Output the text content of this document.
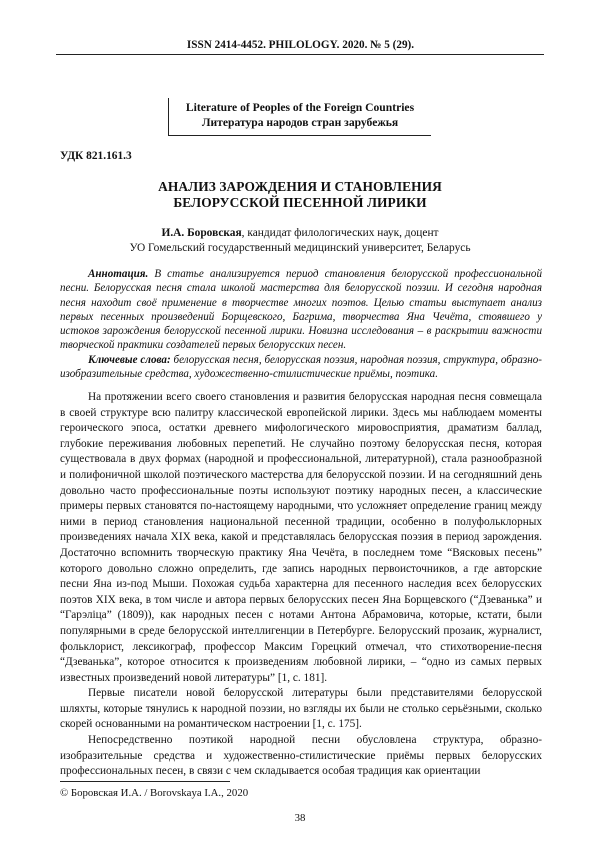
ISSN 2414-4452. PHILOLOGY. 2020. № 5 (29).
Literature of Peoples of the Foreign Countries
Литература народов стран зарубежья
УДК 821.161.3
АНАЛИЗ ЗАРОЖДЕНИЯ И СТАНОВЛЕНИЯ
БЕЛОРУССКОЙ ПЕСЕННОЙ ЛИРИКИ
И.А. Боровская, кандидат филологических наук, доцент
УО Гомельский государственный медицинский университет, Беларусь

Аннотация. В статье анализируется период становления белорусской профессиональной песни. Белорусская песня стала школой мастерства для белорусской поэзии. И сегодня народная песня находит своё применение в творчестве многих поэтов. Целью статьи выступает анализ первых песенных произведений Борщевского, Багрима, творчества Яна Чечёта, стоявшего у истоков зарождения белорусской песенной лирики. Новизна исследования – в раскрытии важности творческой практики создателей первых белорусских песен.

Ключевые слова: белорусская песня, белорусская поэзия, народная поэзия, структура, образно-изобразительные средства, художественно-стилистические приёмы, поэтика.

На протяжении всего своего становления и развития белорусская народная песня совмещала в своей структуре всю палитру классической европейской лирики. Здесь мы наблюдаем моменты героического эпоса, остатки древнего мифологического мировосприятия, драматизм баллад, глубокие переживания любовных перепетий. Не случайно поэтому белорусская песня, которая существовала в двух формах (народной и профессиональной, литературной), стала разнообразной и полифоничной школой поэтического мастерства для белорусской поэзии. И на сегодняшний день довольно часто профессиональные поэты используют поэтику народных песен, а классические примеры первых становятся по-настоящему народными, что усложняет определение границ между ними в период становления национальной песенной традиции, особенно в полуфольклорных произведениях начала XIX века, какой и представлялась белорусская поэзия в период зарождения. Достаточно вспомнить творческую практику Яна Чечёта, в последнем томе “Вясковых песень” которого довольно сложно определить, где запись народных первоисточников, а где авторские песни Яна из-под Мыши. Похожая судьба характерна для песенного наследия всех белорусских поэтов XIX века, в том числе и автора первых белорусских песен Яна Борщевского (“Дзеванька” и “Гарэліца” (1809)), как народных песен с нотами Антона Абрамовича, которые, кстати, были популярными в среде белорусской интеллигенции в Петербурге. Белорусский прозаик, журналист, фольклорист, лексикограф, профессор Максим Горецкий отмечал, что стихотворение-песня “Дзеванька”, которое относится к произведениям любовной лирики, – “одно из самых первых известных произведений новой литературы” [1, с. 181].

Первые писатели новой белорусской литературы были представителями белорусской шляхты, которые тянулись к народной поэзии, но взгляды их были не столько серьёзными, сколько скорей основанными на романтическом настроении [1, с. 175].

Непосредственно поэтикой народной песни обусловлена структура, образно-изобразительные средства и художественно-стилистические приёмы первых белорусских профессиональных песен, в связи с чем складывается особая традиция как ориентации

© Боровская И.А. / Borovskaya I.A., 2020
38
